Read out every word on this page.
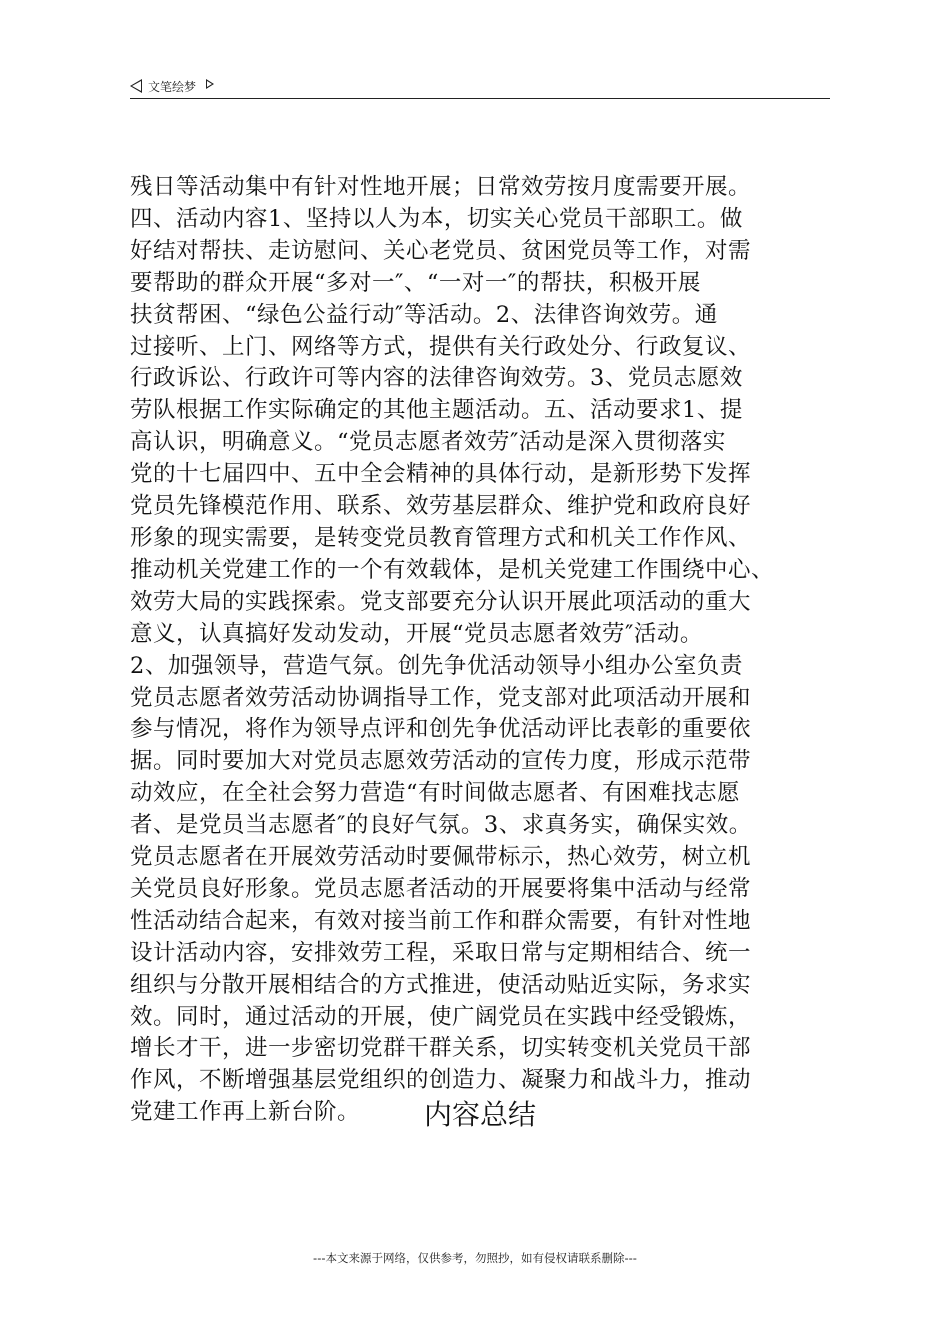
文笔绘梦
残日等活动集中有针对性地开展；日常效劳按月度需要开展。
四、活动内容1、坚持以人为本，切实关心党员干部职工。做
好结对帮扶、走访慰问、关心老党员、贫困党员等工作，对需
要帮助的群众开展“多对一″、“一对一″的帮扶，积极开展
扶贫帮困、“绿色公益行动″等活动。2、法律咨询效劳。通
过接听、上门、网络等方式，提供有关行政处分、行政复议、
行政诉讼、行政许可等内容的法律咨询效劳。3、党员志愿效
劳队根据工作实际确定的其他主题活动。五、活动要求1、提
高认识，明确意义。“党员志愿者效劳″活动是深入贯彻落实
党的十七届四中、五中全会精神的具体行动，是新形势下发挥
党员先锋模范作用、联系、效劳基层群众、维护党和政府良好
形象的现实需要，是转变党员教育管理方式和机关工作作风、
推动机关党建工作的一个有效载体，是机关党建工作围绕中心、
效劳大局的实践探索。党支部要充分认识开展此项活动的重大
意义，认真搞好发动发动，开展“党员志愿者效劳″活动。
2、加强领导，营造气氛。创先争优活动领导小组办公室负责
党员志愿者效劳活动协调指导工作，党支部对此项活动开展和
参与情况，将作为领导点评和创先争优活动评比表彰的重要依
据。同时要加大对党员志愿效劳活动的宣传力度，形成示范带
动效应，在全社会努力营造“有时间做志愿者、有困难找志愿
者、是党员当志愿者″的良好气氛。3、求真务实，确保实效。
党员志愿者在开展效劳活动时要佩带标示，热心效劳，树立机
关党员良好形象。党员志愿者活动的开展要将集中活动与经常
性活动结合起来，有效对接当前工作和群众需要，有针对性地
设计活动内容，安排效劳工程，采取日常与定期相结合、统一
组织与分散开展相结合的方式推进，使活动贴近实际，务求实
效。同时，通过活动的开展，使广阔党员在实践中经受锻炼，
增长才干，进一步密切党群干群关系，切实转变机关党员干部
作风，不断增强基层党组织的创造力、凝聚力和战斗力，推动
党建工作再上新台阶。	内容总结
---本文来源于网络，仅供参考，勿照抄，如有侵权请联系删除---
